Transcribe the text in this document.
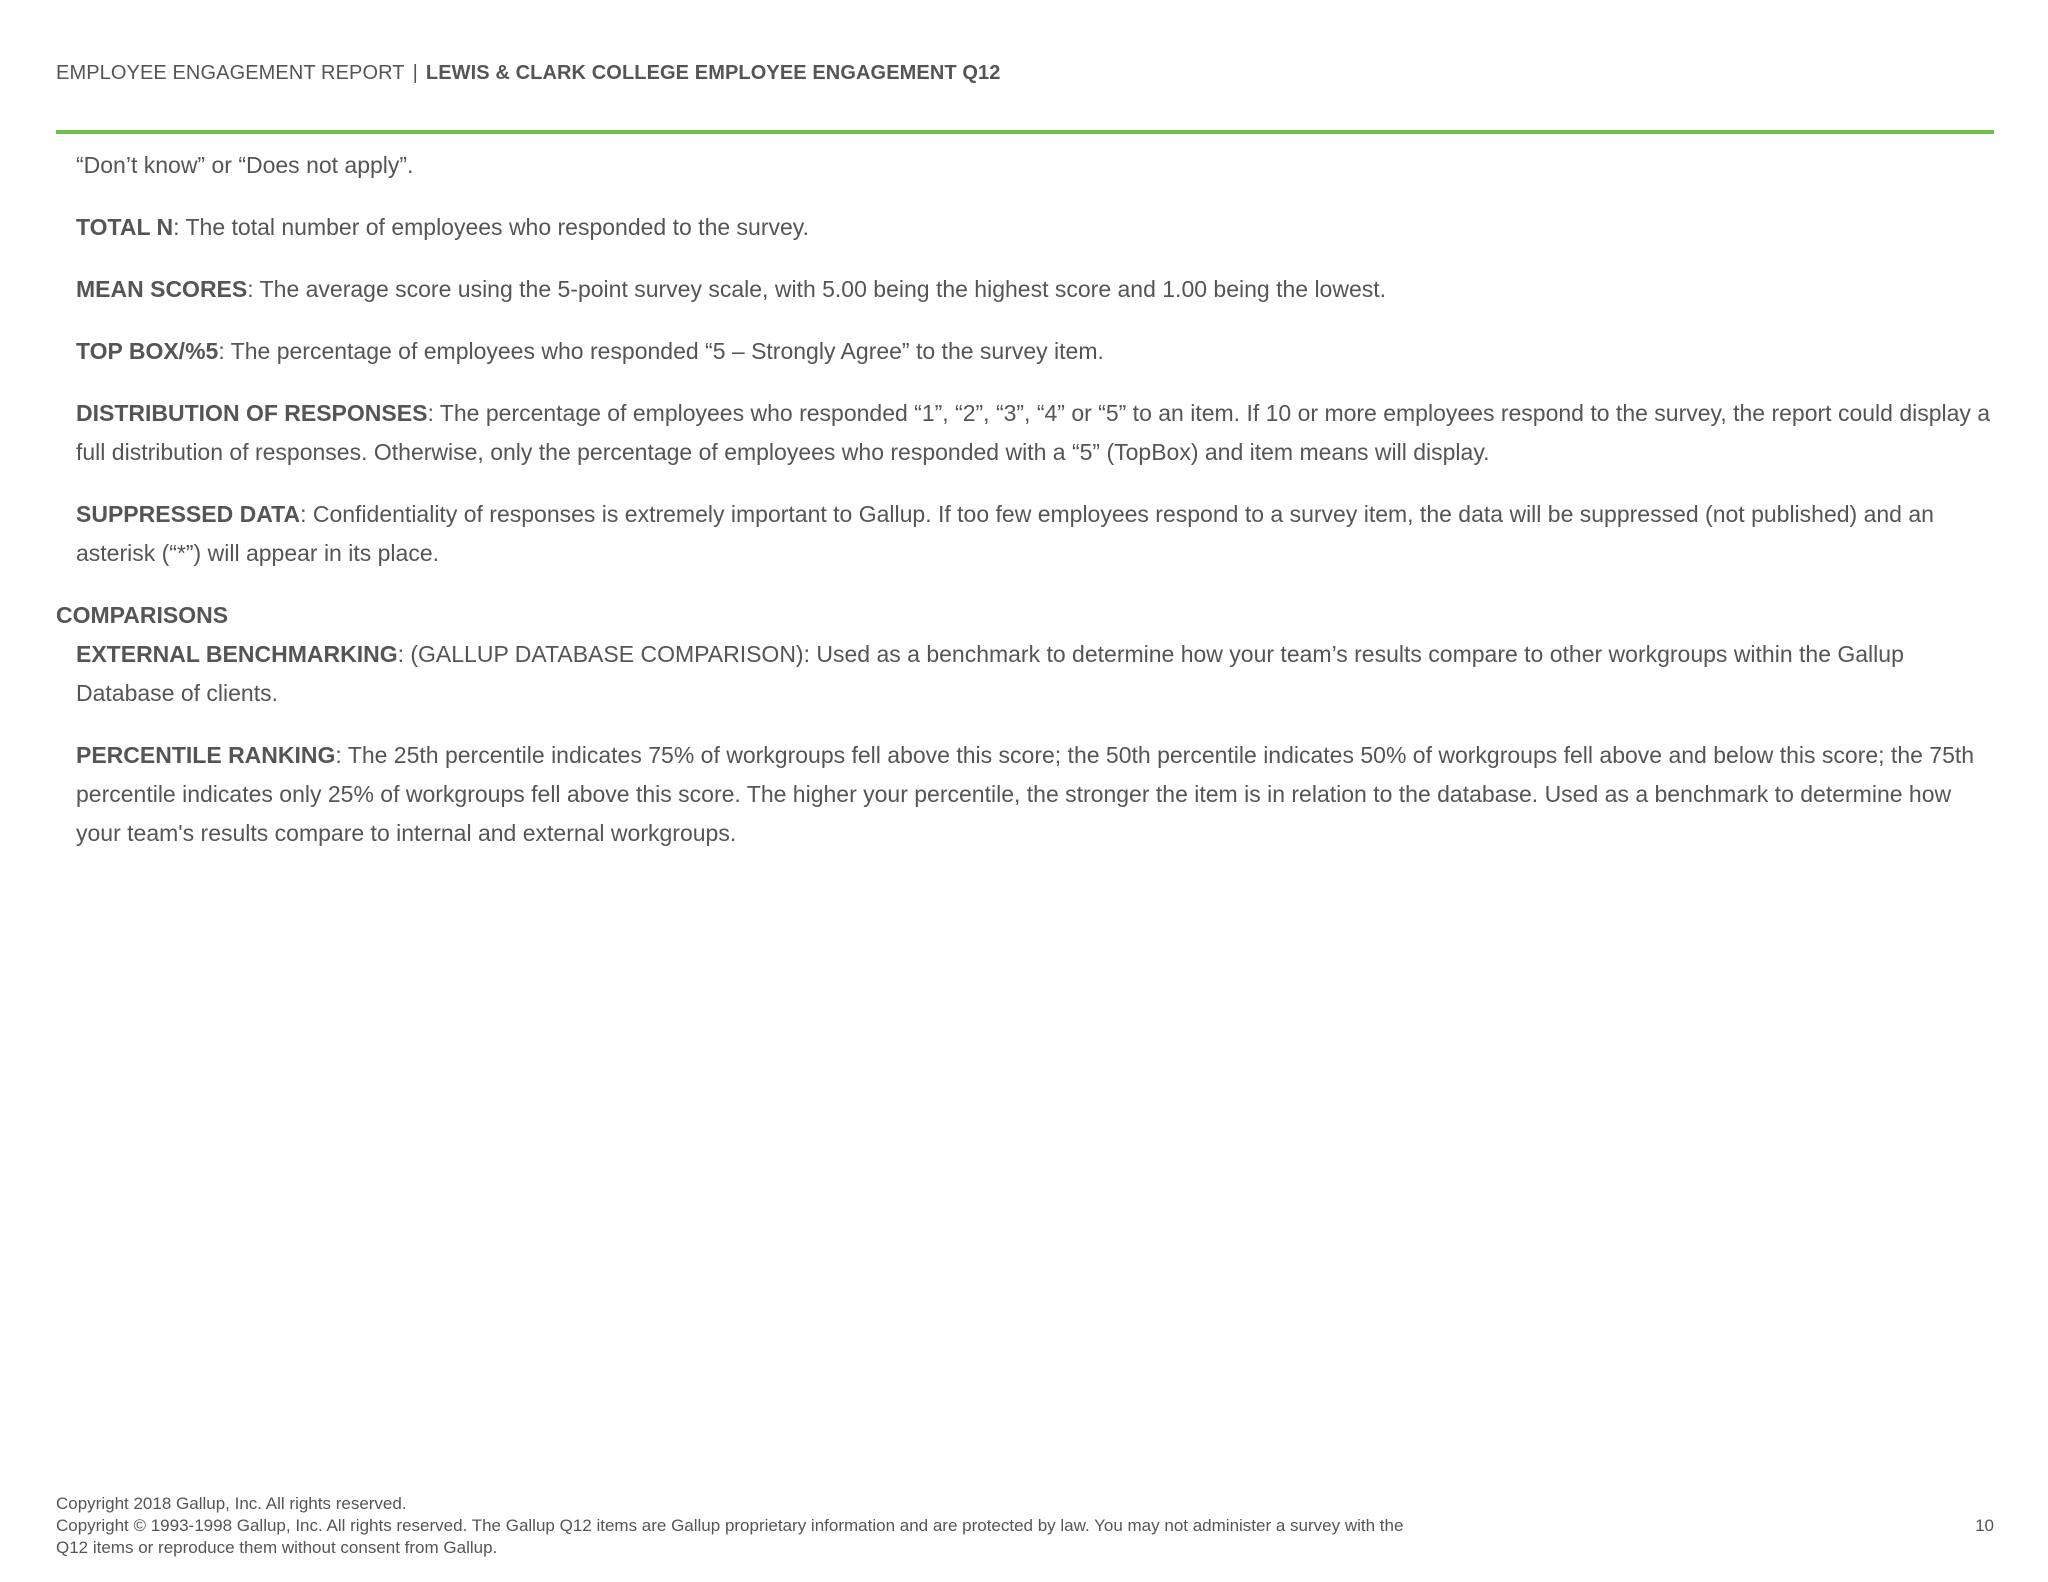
EMPLOYEE ENGAGEMENT REPORT | LEWIS & CLARK COLLEGE EMPLOYEE ENGAGEMENT Q12

“Don’t know” or “Does not apply”.

TOTAL N: The total number of employees who responded to the survey.

MEAN SCORES: The average score using the 5-point survey scale, with 5.00 being the highest score and 1.00 being the lowest.

TOP BOX/%5: The percentage of employees who responded “5 – Strongly Agree” to the survey item.

DISTRIBUTION OF RESPONSES: The percentage of employees who responded “1”, “2”, “3”, “4” or “5” to an item. If 10 or more employees respond to the survey, the report could display a full distribution of responses. Otherwise, only the percentage of employees who responded with a “5” (TopBox) and item means will display.

SUPPRESSED DATA: Confidentiality of responses is extremely important to Gallup. If too few employees respond to a survey item, the data will be suppressed (not published) and an asterisk (“*”) will appear in its place.

COMPARISONS

EXTERNAL BENCHMARKING: (GALLUP DATABASE COMPARISON): Used as a benchmark to determine how your team’s results compare to other workgroups within the Gallup Database of clients.

PERCENTILE RANKING: The 25th percentile indicates 75% of workgroups fell above this score; the 50th percentile indicates 50% of workgroups fell above and below this score; the 75th percentile indicates only 25% of workgroups fell above this score. The higher your percentile, the stronger the item is in relation to the database. Used as a benchmark to determine how your team's results compare to internal and external workgroups.

Copyright 2018 Gallup, Inc. All rights reserved.
Copyright © 1993-1998 Gallup, Inc. All rights reserved. The Gallup Q12 items are Gallup proprietary information and are protected by law. You may not administer a survey with the Q12 items or reproduce them without consent from Gallup.
10
